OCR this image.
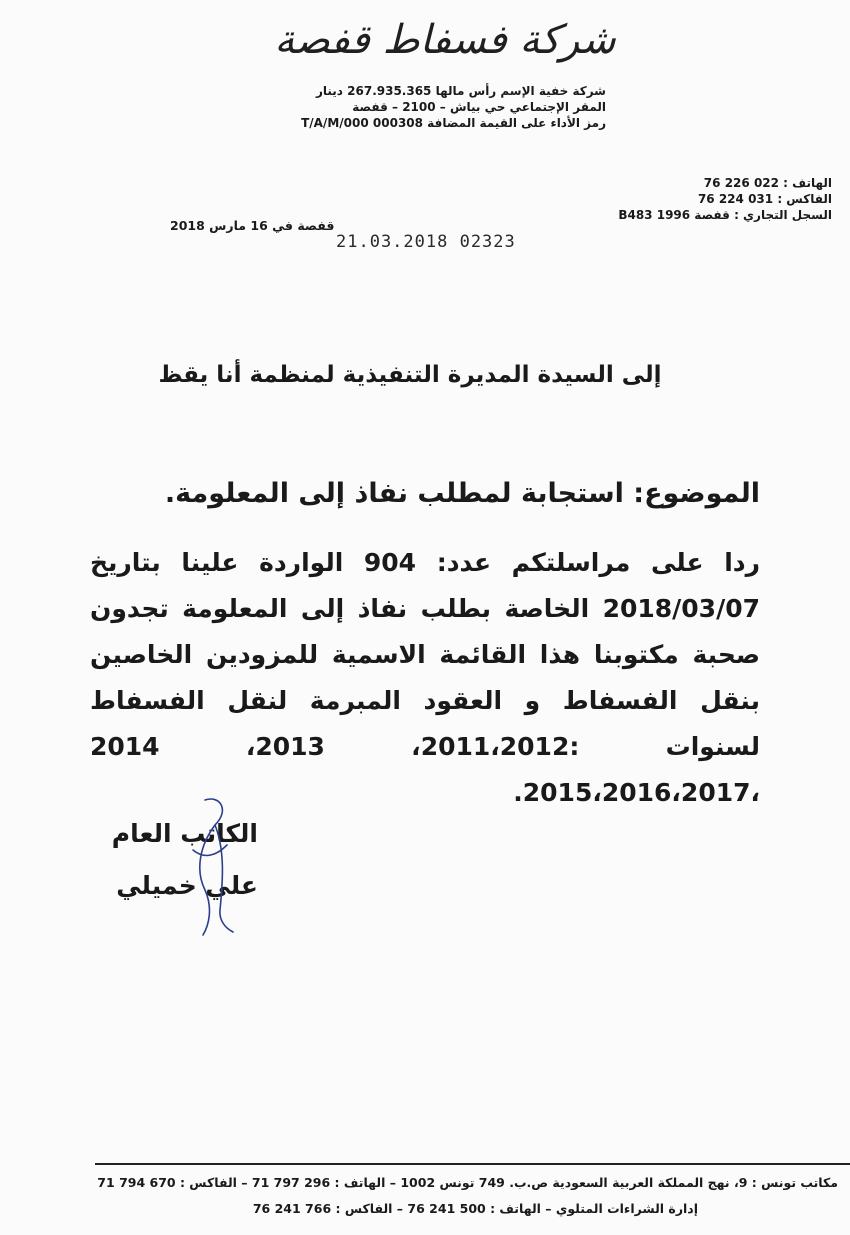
شركة فسفاط قفصة
شركة خفية الإسم رأس مالها 267.935.365 دينار
المقر الإجتماعي حي بياش – 2100 – قفصة
رمز الأداء على القيمة المضافة 000308 T/A/M/000
الهاتف : 022 226 76
الفاكس : 031 224 76
السجل التجاري : قفصة 1996 B483
قفصة في 16 مارس 2018
21.03.2018 02323
إلى السيدة المديرة التنفيذية لمنظمة أنا يقظ
الموضوع: استجابة لمطلب نفاذ إلى المعلومة.
ردا على مراسلتكم عدد: 904 الواردة علينا بتاريخ 2018/03/07 الخاصة بطلب نفاذ إلى المعلومة تجدون صحبة مكتوبنا هذا القائمة الاسمية للمزودين الخاصين بنقل الفسفاط و العقود المبرمة لنقل الفسفاط لسنوات :2011،2012، 2013، 2014 ،2015،2016،2017.
الكاتب العام
علي خميلي
مكاتب تونس : 9، نهج المملكة العربية السعودية ص.ب. 749 تونس 1002 – الهاتف : 296 797 71 – الفاكس : 670 794 71
إدارة الشراءات المتلوي – الهاتف : 500 241 76 – الفاكس : 766 241 76
